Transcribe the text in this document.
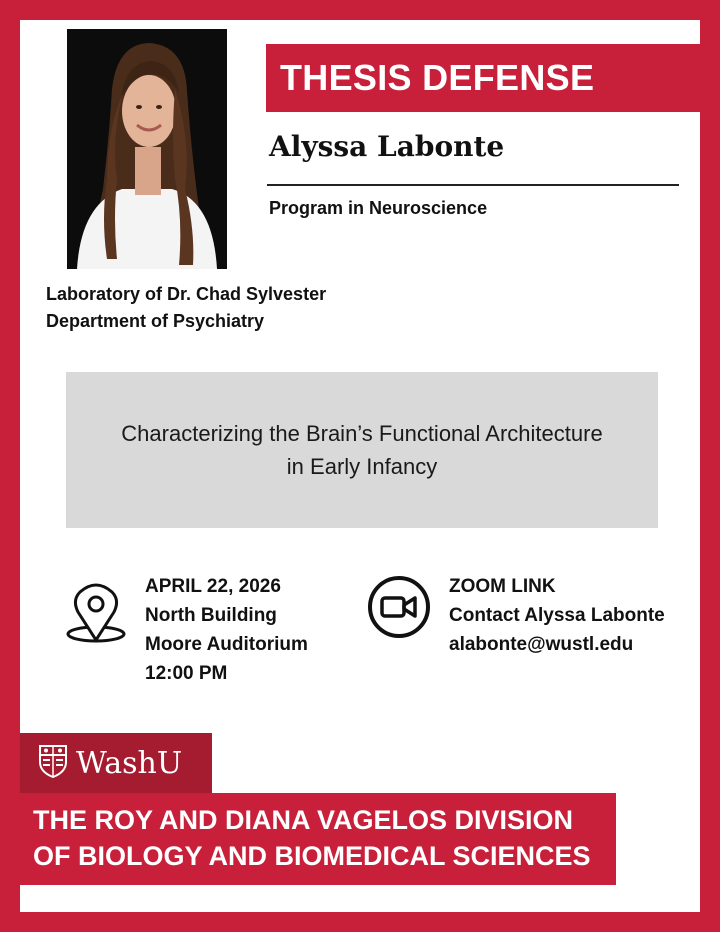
THESIS DEFENSE
Alyssa Labonte
Program in Neuroscience
Laboratory of Dr. Chad Sylvester
Department of Psychiatry
Characterizing the Brain’s Functional Architecture
in Early Infancy
APRIL 22, 2026
North Building
Moore Auditorium
12:00 PM
ZOOM LINK
Contact Alyssa Labonte
alabonte@wustl.edu
WashU
THE ROY AND DIANA VAGELOS DIVISION
OF BIOLOGY AND BIOMEDICAL SCIENCES
